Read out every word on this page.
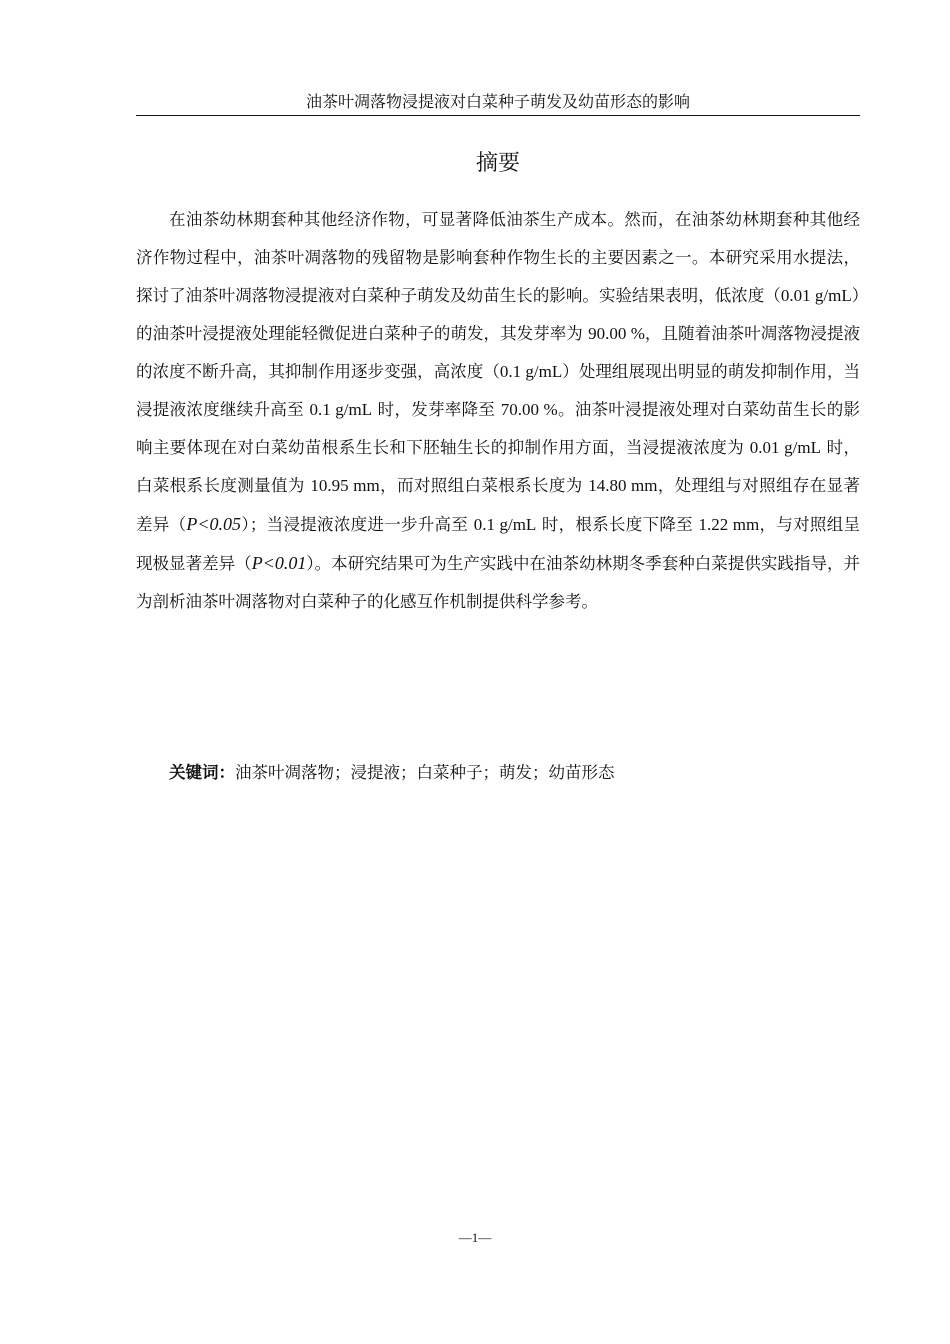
油茶叶凋落物浸提液对白菜种子萌发及幼苗形态的影响
摘要

在油茶幼林期套种其他经济作物，可显著降低油茶生产成本。然而，在油茶幼林期套种其他经济作物过程中，油茶叶凋落物的残留物是影响套种作物生长的主要因素之一。本研究采用水提法，探讨了油茶叶凋落物浸提液对白菜种子萌发及幼苗生长的影响。实验结果表明，低浓度（0.01 g/mL）的油茶叶浸提液处理能轻微促进白菜种子的萌发，其发芽率为 90.00 %，且随着油茶叶凋落物浸提液的浓度不断升高，其抑制作用逐步变强，高浓度（0.1 g/mL）处理组展现出明显的萌发抑制作用，当浸提液浓度继续升高至 0.1 g/mL 时，发芽率降至 70.00 %。油茶叶浸提液处理对白菜幼苗生长的影响主要体现在对白菜幼苗根系生长和下胚轴生长的抑制作用方面，当浸提液浓度为 0.01 g/mL 时，白菜根系长度测量值为 10.95 mm，而对照组白菜根系长度为 14.80 mm，处理组与对照组存在显著差异（P<0.05）；当浸提液浓度进一步升高至 0.1 g/mL 时，根系长度下降至 1.22 mm，与对照组呈现极显著差异（P<0.01）。本研究结果可为生产实践中在油茶幼林期冬季套种白菜提供实践指导，并为剖析油茶叶凋落物对白菜种子的化感互作机制提供科学参考。

关键词：油茶叶凋落物；浸提液；白菜种子；萌发；幼苗形态

—1—
